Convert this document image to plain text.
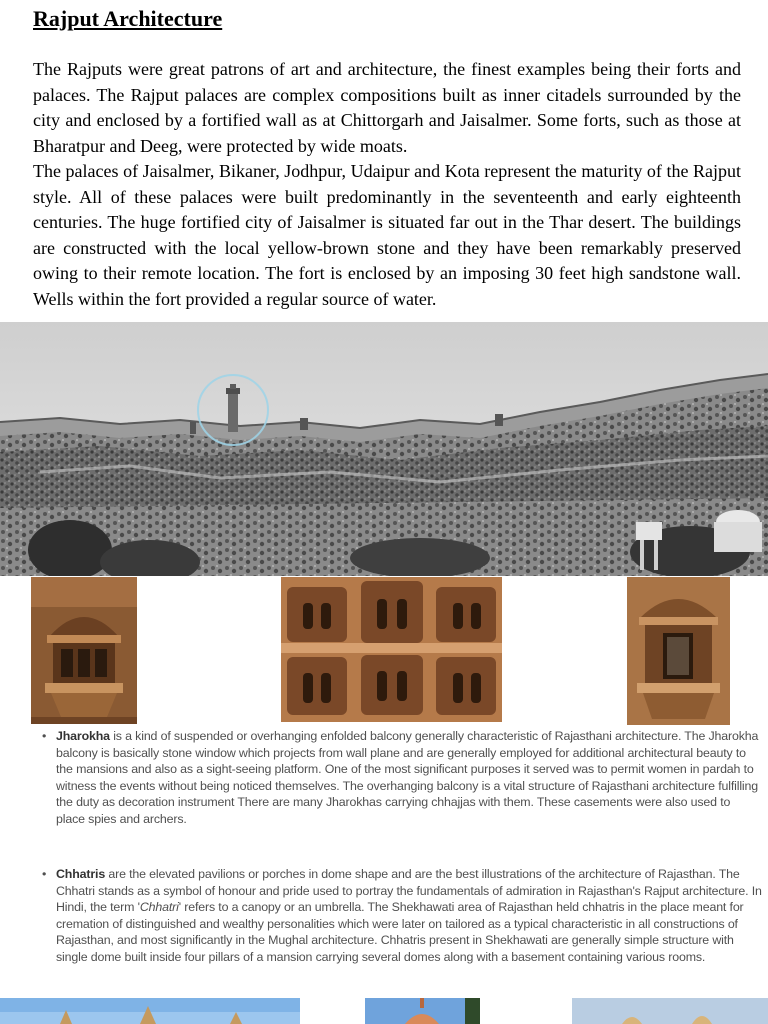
Rajput Architecture

The Rajputs were great patrons of art and architecture, the finest examples being their forts and palaces. The Rajput palaces are complex compositions built as inner citadels surrounded by the city and enclosed by a fortified wall as at Chittorgarh and Jaisalmer. Some forts, such as those at Bharatpur and Deeg, were protected by wide moats.

The palaces of Jaisalmer, Bikaner, Jodhpur, Udaipur and Kota represent the maturity of the Rajput style. All of these palaces were built predominantly in the seventeenth and early eighteenth centuries. The huge fortified city of Jaisalmer is situated far out in the Thar desert. The buildings are constructed with the local yellow-brown stone and they have been remarkably preserved owing to their remote location. The fort is enclosed by an imposing 30 feet high sandstone wall. Wells within the fort provided a regular source of water.

• Jharokha is a kind of suspended or overhanging enfolded balcony generally characteristic of Rajasthani architecture. The Jharokha balcony is basically stone window which projects from wall plane and are generally employed for additional architectural beauty to the mansions and also as a sight-seeing platform. One of the most significant purposes it served was to permit women in pardah to witness the events without being noticed themselves. The overhanging balcony is a vital structure of Rajasthani architecture fulfilling the duty as decoration instrument There are many Jharokhas carrying chhajjas with them. These casements were also used to place spies and archers.
• Chhatris are the elevated pavilions or porches in dome shape and are the best illustrations of the architecture of Rajasthan. The Chhatri stands as a symbol of honour and pride used to portray the fundamentals of admiration in Rajasthan's Rajput architecture. In Hindi, the term 'Chhatri' refers to a canopy or an umbrella. The Shekhawati area of Rajasthan held chhatris in the place meant for cremation of distinguished and wealthy personalities which were later on tailored as a typical characteristic in all constructions of Rajasthan, and most significantly in the Mughal architecture. Chhatris present in Shekhawati are generally simple structure with single dome built inside four pillars of a mansion carrying several domes along with a basement containing various rooms.
